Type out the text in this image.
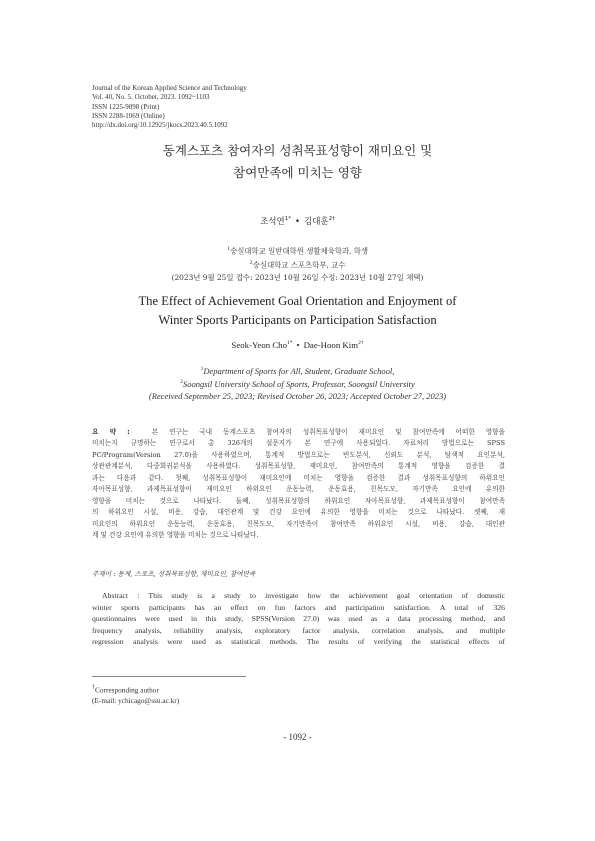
Journal of the Korean Applied Science and Technology
Vol. 40, No. 5. October, 2023. 1092~1103
ISSN 1225-9098 (Print)
ISSN 2288-1069 (Online)
http://dx.doi.org/10.12925/jkocs.2023.40.5.1092
동계스포츠 참여자의 성취목표성향이 재미요인 및
참여만족에 미치는 영향
조석연$^{1*}$ • 김대훈$^{2\dagger}$
$^1$숭실대학교 일반대학원 생활체육학과, 학생
$^2$숭실대학교 스포츠학부, 교수
(2023년 9월 25일 접수: 2023년 10월 26일 수정: 2023년 10월 27일 채택)
The Effect of Achievement Goal Orientation and Enjoyment of
Winter Sports Participants on Participation Satisfaction
Seok-Yeon Cho$^{1*}$ • Dae-Hoon Kim$^{2\dagger}$
$^1$Department of Sports for All, Student, Graduate School,
$^2$Soongsil University School of Sports, Professor, Soongsil University
(Received September 25, 2023; Revised October 26, 2023; Accepted October 27, 2023)
요 약 :	본 연구는 국내 동계스포츠 참여자의 성취목표성향이 재미요인 및 참여만족에 어떠한 영향을
미치는지 규명하는 연구로서 총 326개의 설문지가 본 연구에 사용되었다. 자료처리 방법으로는 SPSS
PC/Program(Version 27.0)을 사용하였으며, 통계적 방법으로는 빈도분석, 신뢰도 분석, 탐색적 요인분석,
상관관계분석, 다중회귀분석을 사용하였다. 성취목표성향, 재미요인, 참여만족의 통계적 영향을 검증한 결
과는 다음과 같다. 첫째, 성취목표성향이 재미요인에 미치는 영향을 검증한 결과 성취목표성향의 하위요인
자아목표성향, 과제목표성향이 재미요인 하위요인 운동능력, 운동효용, 친목도모, 자기만족 요인에 유의한
영향을 미치는 것으로 나타났다. 둘째, 성취목표성향의 하위요인 자아목표성향, 과제목표성향이 참여만족
의 하위요인 시설, 비용, 강습, 대인관계 및 건강 요인에 유의한 영향을 미치는 것으로 나타났다. 셋째, 재
미요인의 하위요인 운동능력, 운동효용, 친목도모, 자기만족이 참여만족 하위요인 시설, 비용, 강습, 대인관
계 및 건강 요인에 유의한 영향을 미치는 것으로 나타났다.
주제어 : 동계, 스포츠, 성취목표성향, 재미요인, 참여만족
Abstract : This study is a study to investigate how the achievement goal orientation of domestic
winter sports participants has an effect on fun factors and participation satisfaction. A total of 326
questionnaires were used in this study, SPSS(Version 27.0) was used as a data processing method, and
frequency analysis, reliability analysis, exploratory factor analysis, correlation analysis, and multiple
regression analysis were used as statistical methods. The results of verifying the statistical effects of
†Corresponding author
(E-mail: ychicago@ssu.ac.kr)
- 1092 -
